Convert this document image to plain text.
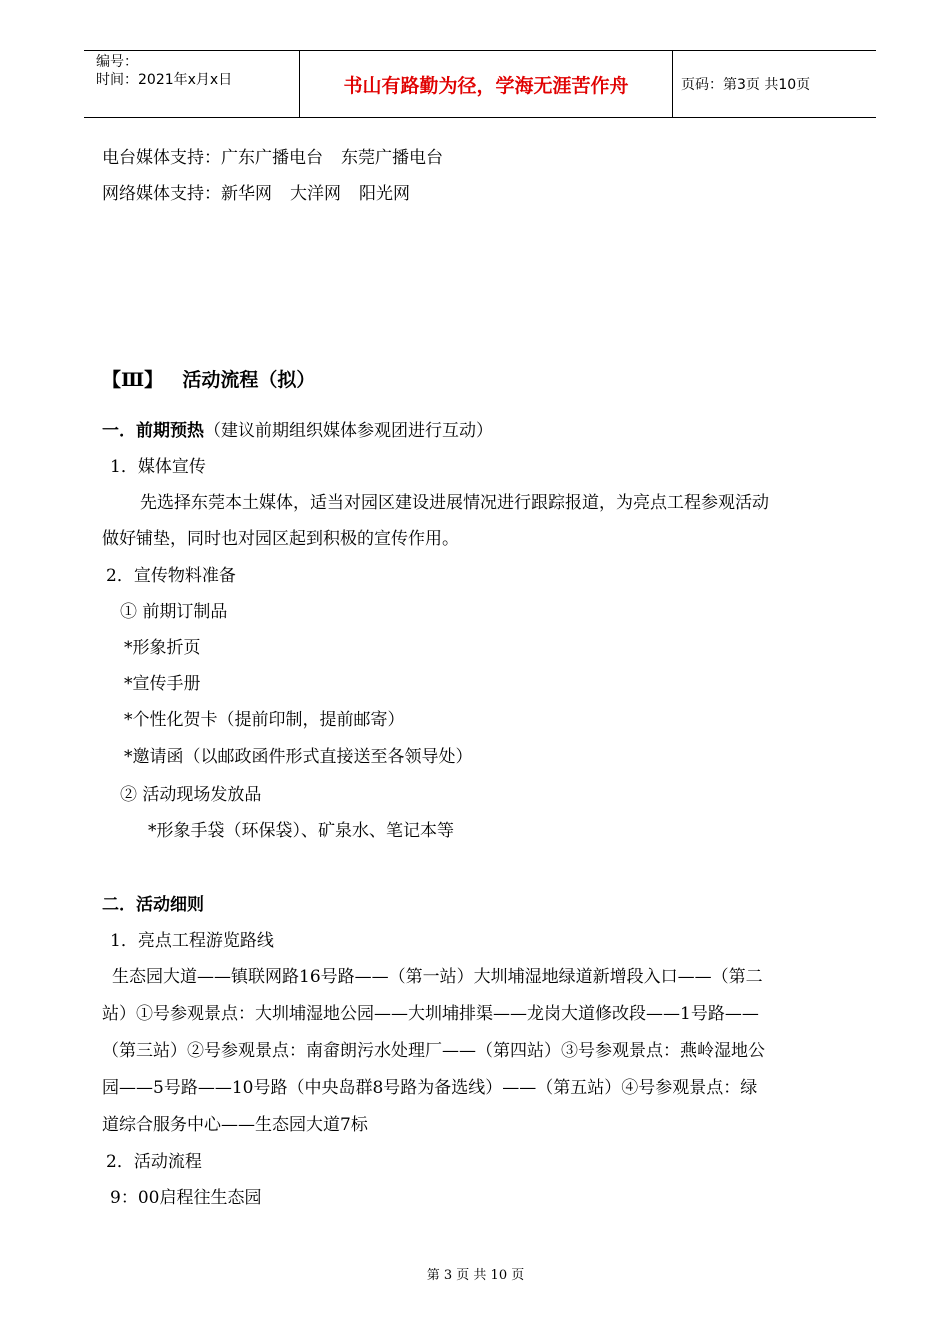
编号：
时间：2021年x月x日	书山有路勤为径，学海无涯苦作舟	页码：第3页 共10页
电台媒体支持：广东广播电台 东莞广播电台
网络媒体支持：新华网 大洋网 阳光网
【Ⅲ】 活动流程（拟）
一．前期预热（建议前期组织媒体参观团进行互动）
1．媒体宣传
先选择东莞本土媒体，适当对园区建设进展情况进行跟踪报道，为亮点工程参观活动
做好铺垫，同时也对园区起到积极的宣传作用。
2．宣传物料准备
① 前期订制品
*形象折页
*宣传手册
*个性化贺卡（提前印制，提前邮寄）
*邀请函（以邮政函件形式直接送至各领导处）
② 活动现场发放品
*形象手袋（环保袋）、矿泉水、笔记本等
二．活动细则
1．亮点工程游览路线
生态园大道——镇联网路16号路——（第一站）大圳埔湿地绿道新增段入口——（第二
站）①号参观景点：大圳埔湿地公园——大圳埔排渠——龙岗大道修改段——1号路——
（第三站）②号参观景点：南畲朗污水处理厂——（第四站）③号参观景点：燕岭湿地公
园——5号路——10号路（中央岛群8号路为备选线）——（第五站）④号参观景点：绿
道综合服务中心——生态园大道7标
2．活动流程
9：00启程往生态园
第 3 页 共 10 页
